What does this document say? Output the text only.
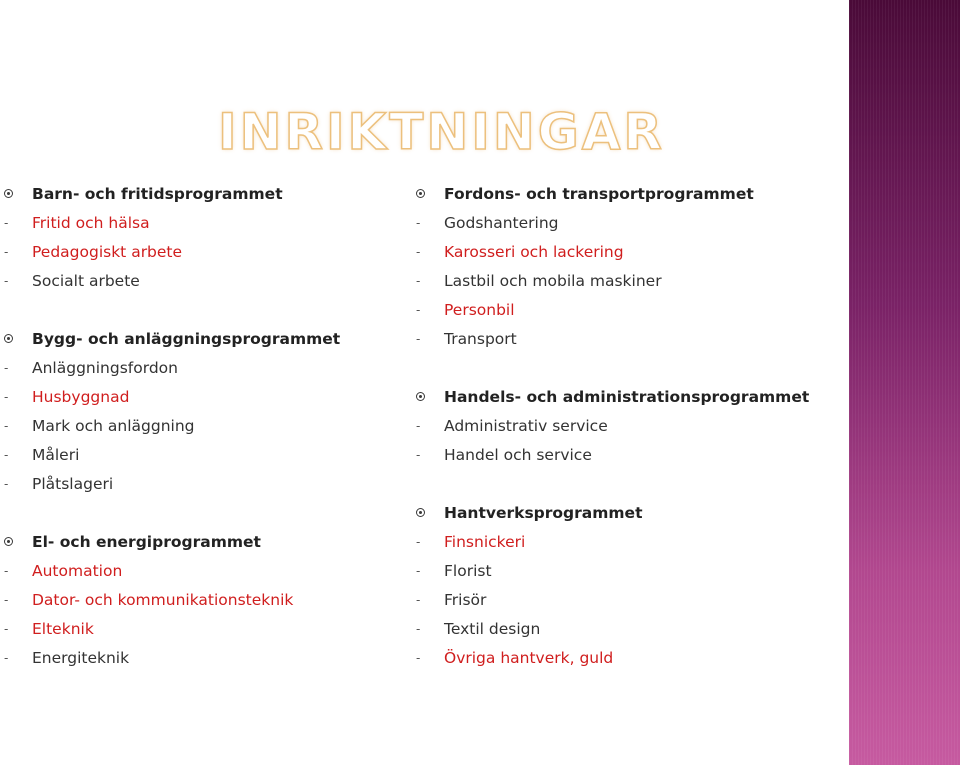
INRIKTNINGAR
Barn- och fritidsprogrammet
- Fritid och hälsa
- Pedagogiskt arbete
- Socialt arbete
Bygg- och anläggningsprogrammet
- Anläggningsfordon
- Husbyggnad
- Mark och anläggning
- Måleri
- Plåtslageri
El- och energiprogrammet
- Automation
- Dator- och kommunikationsteknik
- Elteknik
- Energiteknik
Fordons- och transportprogrammet
- Godshantering
- Karosseri och lackering
- Lastbil och mobila maskiner
- Personbil
- Transport
Handels- och administrationsprogrammet
- Administrativ service
- Handel och service
Hantverksprogrammet
- Finsnickeri
- Florist
- Frisör
- Textil design
- Övriga hantverk, guld
